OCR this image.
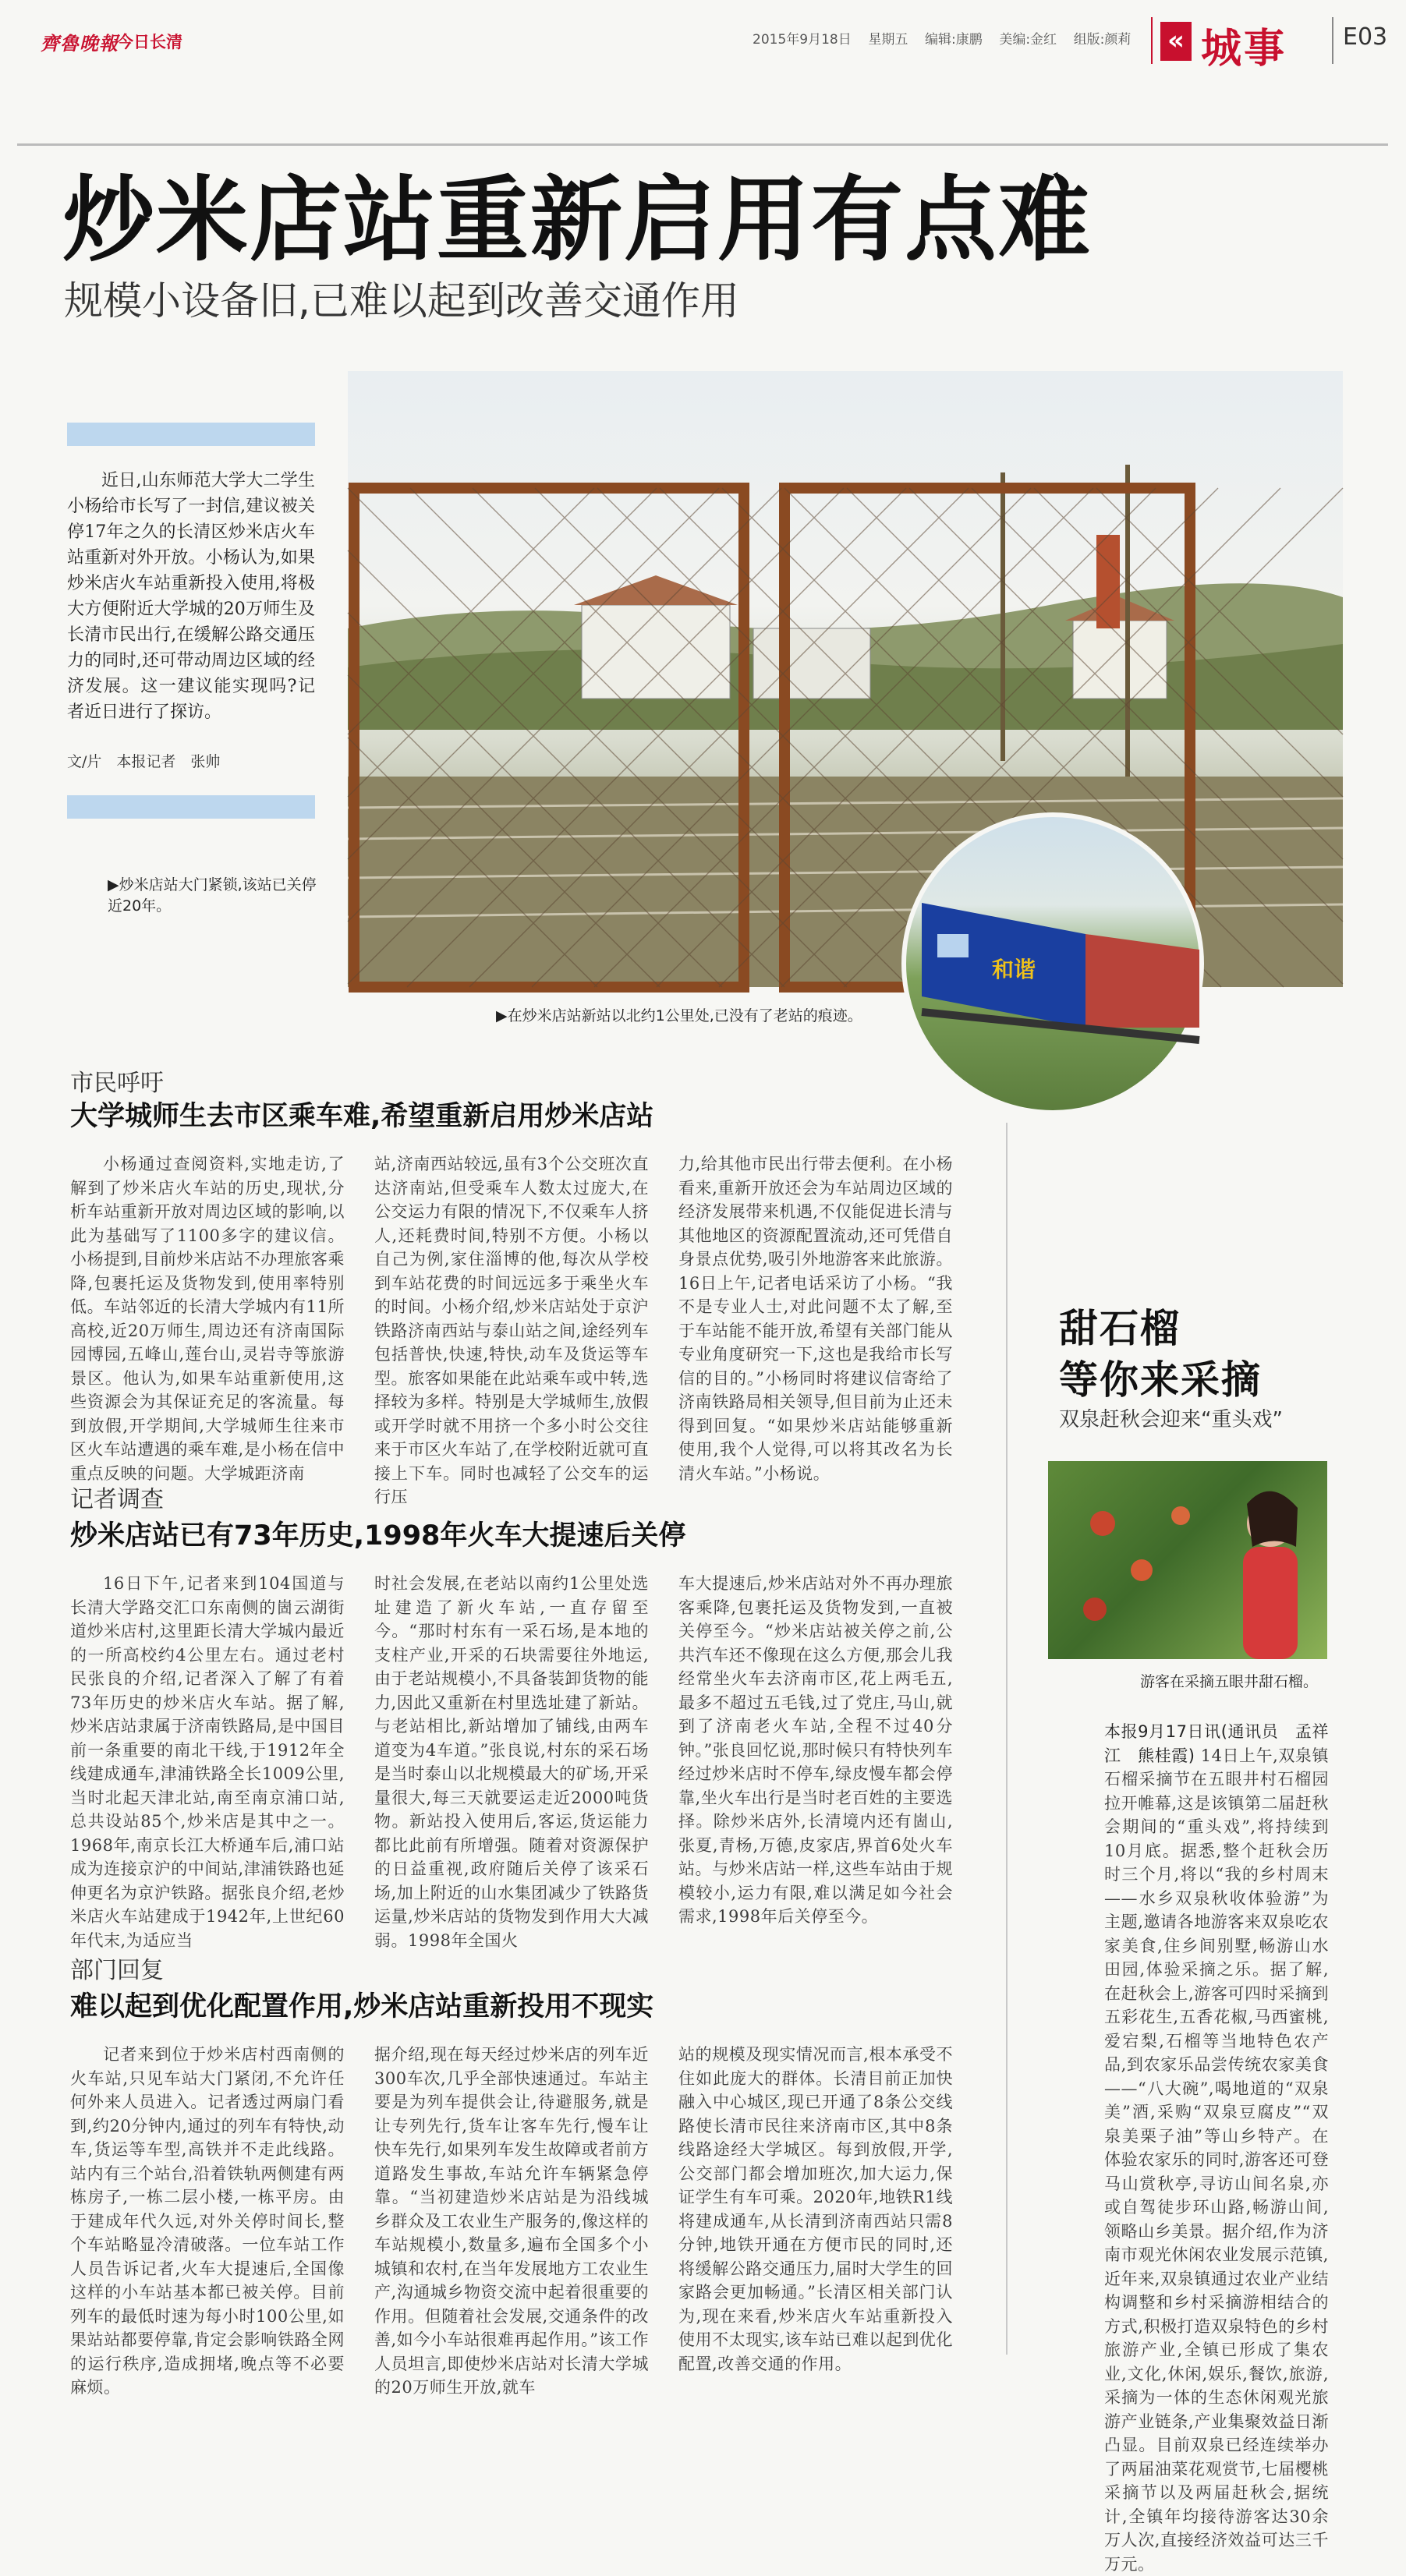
齊魯晚報
今日长清	2015年9月18日 星期五 编辑:康鹏 美编:金红 组版:颜莉 « 城事 E03
炒米店站重新启用有点难
规模小设备旧,已难以起到改善交通作用
近日,山东师范大学大二学生小杨给市长写了一封信,建议被关停17年之久的长清区炒米店火车站重新对外开放。小杨认为,如果炒米店火车站重新投入使用,将极大方便附近大学城的20万师生及长清市民出行,在缓解公路交通压力的同时,还可带动周边区域的经济发展。这一建议能实现吗?记者近日进行了探访。
文/片　本报记者　张帅
▶炒米店站大门紧锁,该站已关停近20年。
和谐
▶在炒米店站新站以北约1公里处,已没有了老站的痕迹。
市民呼吁
大学城师生去市区乘车难,希望重新启用炒米店站
小杨通过查阅资料,实地走访,了解到了炒米店火车站的历史,现状,分析车站重新开放对周边区域的影响,以此为基础写了1100多字的建议信。小杨提到,目前炒米店站不办理旅客乘降,包裹托运及货物发到,使用率特别低。车站邻近的长清大学城内有11所高校,近20万师生,周边还有济南国际园博园,五峰山,莲台山,灵岩寺等旅游景区。他认为,如果车站重新使用,这些资源会为其保证充足的客流量。每到放假,开学期间,大学城师生往来市区火车站遭遇的乘车难,是小杨在信中重点反映的问题。大学城距济南
站,济南西站较远,虽有3个公交班次直达济南站,但受乘车人数太过庞大,在公交运力有限的情况下,不仅乘车人挤人,还耗费时间,特别不方便。小杨以自己为例,家住淄博的他,每次从学校到车站花费的时间远远多于乘坐火车的时间。小杨介绍,炒米店站处于京沪铁路济南西站与泰山站之间,途经列车包括普快,快速,特快,动车及货运等车型。旅客如果能在此站乘车或中转,选择较为多样。特别是大学城师生,放假或开学时就不用挤一个多小时公交往来于市区火车站了,在学校附近就可直接上下车。同时也减轻了公交车的运行压
力,给其他市民出行带去便利。在小杨看来,重新开放还会为车站周边区域的经济发展带来机遇,不仅能促进长清与其他地区的资源配置流动,还可凭借自身景点优势,吸引外地游客来此旅游。16日上午,记者电话采访了小杨。“我不是专业人士,对此问题不太了解,至于车站能不能开放,希望有关部门能从专业角度研究一下,这也是我给市长写信的目的。”小杨同时将建议信寄给了济南铁路局相关领导,但目前为止还未得到回复。“如果炒米店站能够重新使用,我个人觉得,可以将其改名为长清火车站。”小杨说。
记者调查
炒米店站已有73年历史,1998年火车大提速后关停
16日下午,记者来到104国道与长清大学路交汇口东南侧的崮云湖街道炒米店村,这里距长清大学城内最近的一所高校约4公里左右。通过老村民张良的介绍,记者深入了解了有着73年历史的炒米店火车站。据了解,炒米店站隶属于济南铁路局,是中国目前一条重要的南北干线,于1912年全线建成通车,津浦铁路全长1009公里,当时北起天津北站,南至南京浦口站,总共设站85个,炒米店是其中之一。1968年,南京长江大桥通车后,浦口站成为连接京沪的中间站,津浦铁路也延伸更名为京沪铁路。据张良介绍,老炒米店火车站建成于1942年,上世纪60年代末,为适应当
时社会发展,在老站以南约1公里处选址建造了新火车站,一直存留至今。“那时村东有一采石场,是本地的支柱产业,开采的石块需要往外地运,由于老站规模小,不具备装卸货物的能力,因此又重新在村里选址建了新站。与老站相比,新站增加了铺线,由两车道变为4车道。”张良说,村东的采石场是当时泰山以北规模最大的矿场,开采量很大,每三天就要运走近2000吨货物。新站投入使用后,客运,货运能力都比此前有所增强。随着对资源保护的日益重视,政府随后关停了该采石场,加上附近的山水集团减少了铁路货运量,炒米店站的货物发到作用大大减弱。1998年全国火
车大提速后,炒米店站对外不再办理旅客乘降,包裹托运及货物发到,一直被关停至今。“炒米店站被关停之前,公共汽车还不像现在这么方便,那会儿我经常坐火车去济南市区,花上两毛五,最多不超过五毛钱,过了党庄,马山,就到了济南老火车站,全程不过40分钟。”张良回忆说,那时候只有特快列车经过炒米店时不停车,绿皮慢车都会停靠,坐火车出行是当时老百姓的主要选择。除炒米店外,长清境内还有崮山,张夏,青杨,万德,皮家店,界首6处火车站。与炒米店站一样,这些车站由于规模较小,运力有限,难以满足如今社会需求,1998年后关停至今。
部门回复
难以起到优化配置作用,炒米店站重新投用不现实
记者来到位于炒米店村西南侧的火车站,只见车站大门紧闭,不允许任何外来人员进入。记者透过两扇门看到,约20分钟内,通过的列车有特快,动车,货运等车型,高铁并不走此线路。站内有三个站台,沿着铁轨两侧建有两栋房子,一栋二层小楼,一栋平房。由于建成年代久远,对外关停时间长,整个车站略显冷清破落。一位车站工作人员告诉记者,火车大提速后,全国像这样的小车站基本都已被关停。目前列车的最低时速为每小时100公里,如果站站都要停靠,肯定会影响铁路全网的运行秩序,造成拥堵,晚点等不必要麻烦。
据介绍,现在每天经过炒米店的列车近300车次,几乎全部快速通过。车站主要是为列车提供会让,待避服务,就是让专列先行,货车让客车先行,慢车让快车先行,如果列车发生故障或者前方道路发生事故,车站允许车辆紧急停靠。“当初建造炒米店站是为沿线城乡群众及工农业生产服务的,像这样的车站规模小,数量多,遍布全国多个小城镇和农村,在当年发展地方工农业生产,沟通城乡物资交流中起着很重要的作用。但随着社会发展,交通条件的改善,如今小车站很难再起作用。”该工作人员坦言,即使炒米店站对长清大学城的20万师生开放,就车
站的规模及现实情况而言,根本承受不住如此庞大的群体。长清目前正加快融入中心城区,现已开通了8条公交线路使长清市民往来济南市区,其中8条线路途经大学城区。每到放假,开学,公交部门都会增加班次,加大运力,保证学生有车可乘。2020年,地铁R1线将建成通车,从长清到济南西站只需8分钟,地铁开通在方便市民的同时,还将缓解公路交通压力,届时大学生的回家路会更加畅通。”长清区相关部门认为,现在来看,炒米店火车站重新投入使用不太现实,该车站已难以起到优化配置,改善交通的作用。
甜石榴
等你来采摘
双泉赶秋会迎来“重头戏”
游客在采摘五眼井甜石榴。
本报9月17日讯(通讯员　孟祥江　熊桂霞) 14日上午,双泉镇石榴采摘节在五眼井村石榴园拉开帷幕,这是该镇第二届赶秋会期间的“重头戏”,将持续到10月底。据悉,整个赶秋会历时三个月,将以“我的乡村周末——水乡双泉秋收体验游”为主题,邀请各地游客来双泉吃农家美食,住乡间别墅,畅游山水田园,体验采摘之乐。据了解,在赶秋会上,游客可四时采摘到五彩花生,五香花椒,马西蜜桃,爱宕梨,石榴等当地特色农产品,到农家乐品尝传统农家美食——“八大碗”,喝地道的“双泉美”酒,采购“双泉豆腐皮”“双泉美栗子油”等山乡特产。在体验农家乐的同时,游客还可登马山赏秋亭,寻访山间名泉,亦或自驾徒步环山路,畅游山间,领略山乡美景。据介绍,作为济南市观光休闲农业发展示范镇,近年来,双泉镇通过农业产业结构调整和乡村采摘游相结合的方式,积极打造双泉特色的乡村旅游产业,全镇已形成了集农业,文化,休闲,娱乐,餐饮,旅游,采摘为一体的生态休闲观光旅游产业链条,产业集聚效益日渐凸显。目前双泉已经连续举办了两届油菜花观赏节,七届樱桃采摘节以及两届赶秋会,据统计,全镇年均接待游客达30余万人次,直接经济效益可达三千万元。
